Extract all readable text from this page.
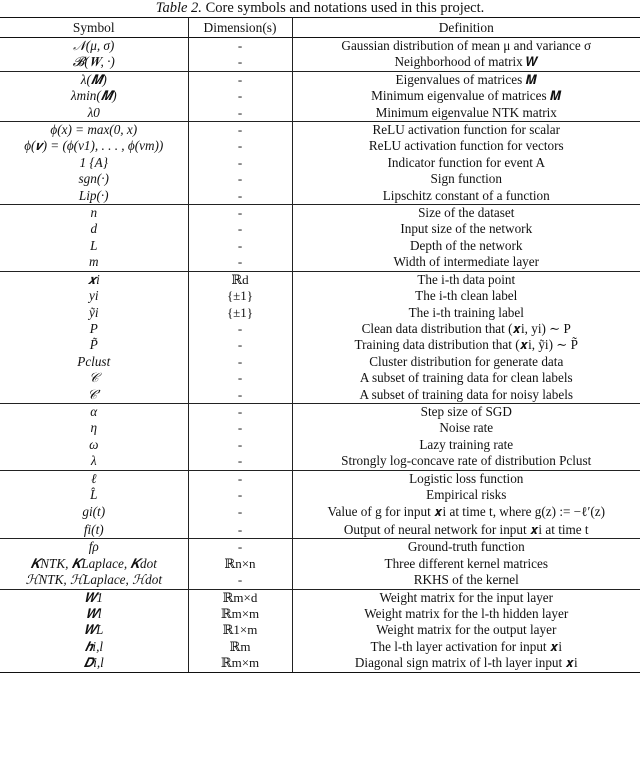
Table 2. Core symbols and notations used in this project.
Symbol	Dimension(s)	Definition
𝒩(μ, σ)	-	Gaussian distribution of mean μ and variance σ
𝓑(𝑾, ·)	-	Neighborhood of matrix 𝑾
λ(𝑴)	-	Eigenvalues of matrices 𝑴
λmin(𝑴)	-	Minimum eigenvalue of matrices 𝑴
λ0	-	Minimum eigenvalue NTK matrix
ϕ(x) = max(0, x)	-	ReLU activation function for scalar
ϕ(𝒗) = (ϕ(v1), . . . , ϕ(vm))	-	ReLU activation function for vectors
1 {A}	-	Indicator function for event A
sgn(·)	-	Sign function
Lip(·)	-	Lipschitz constant of a function
n	-	Size of the dataset
d	-	Input size of the network
L	-	Depth of the network
m	-	Width of intermediate layer
𝒙i	ℝd	The i-th data point
yi	{±1}	The i-th clean label
ỹi	{±1}	The i-th training label
P	-	Clean data distribution that (𝒙i, yi) ∼ P
P̃	-	Training data distribution that (𝒙i, ỹi) ∼ P̃
Pclust	-	Cluster distribution for generate data
𝒞	-	A subset of training data for clean labels
𝒞′	-	A subset of training data for noisy labels
α	-	Step size of SGD
η	-	Noise rate
ω	-	Lazy training rate
λ	-	Strongly log-concave rate of distribution Pclust
ℓ	-	Logistic loss function
L̂	-	Empirical risks
gi(t)	-	Value of g for input 𝒙i at time t, where g(z) := −ℓ′(z)
fi(t)	-	Output of neural network for input 𝒙i at time t
fρ	-	Ground-truth function
𝑲NTK, 𝑲Laplace, 𝑲dot	ℝn×n	Three different kernel matrices
ℋNTK, ℋLaplace, ℋdot	-	RKHS of the kernel
𝑾1	ℝm×d	Weight matrix for the input layer
𝑾l	ℝm×m	Weight matrix for the l-th hidden layer
𝑾L	ℝ1×m	Weight matrix for the output layer
𝒉i,l	ℝm	The l-th layer activation for input 𝒙i
𝑫i,l	ℝm×m	Diagonal sign matrix of l-th layer input 𝒙i
